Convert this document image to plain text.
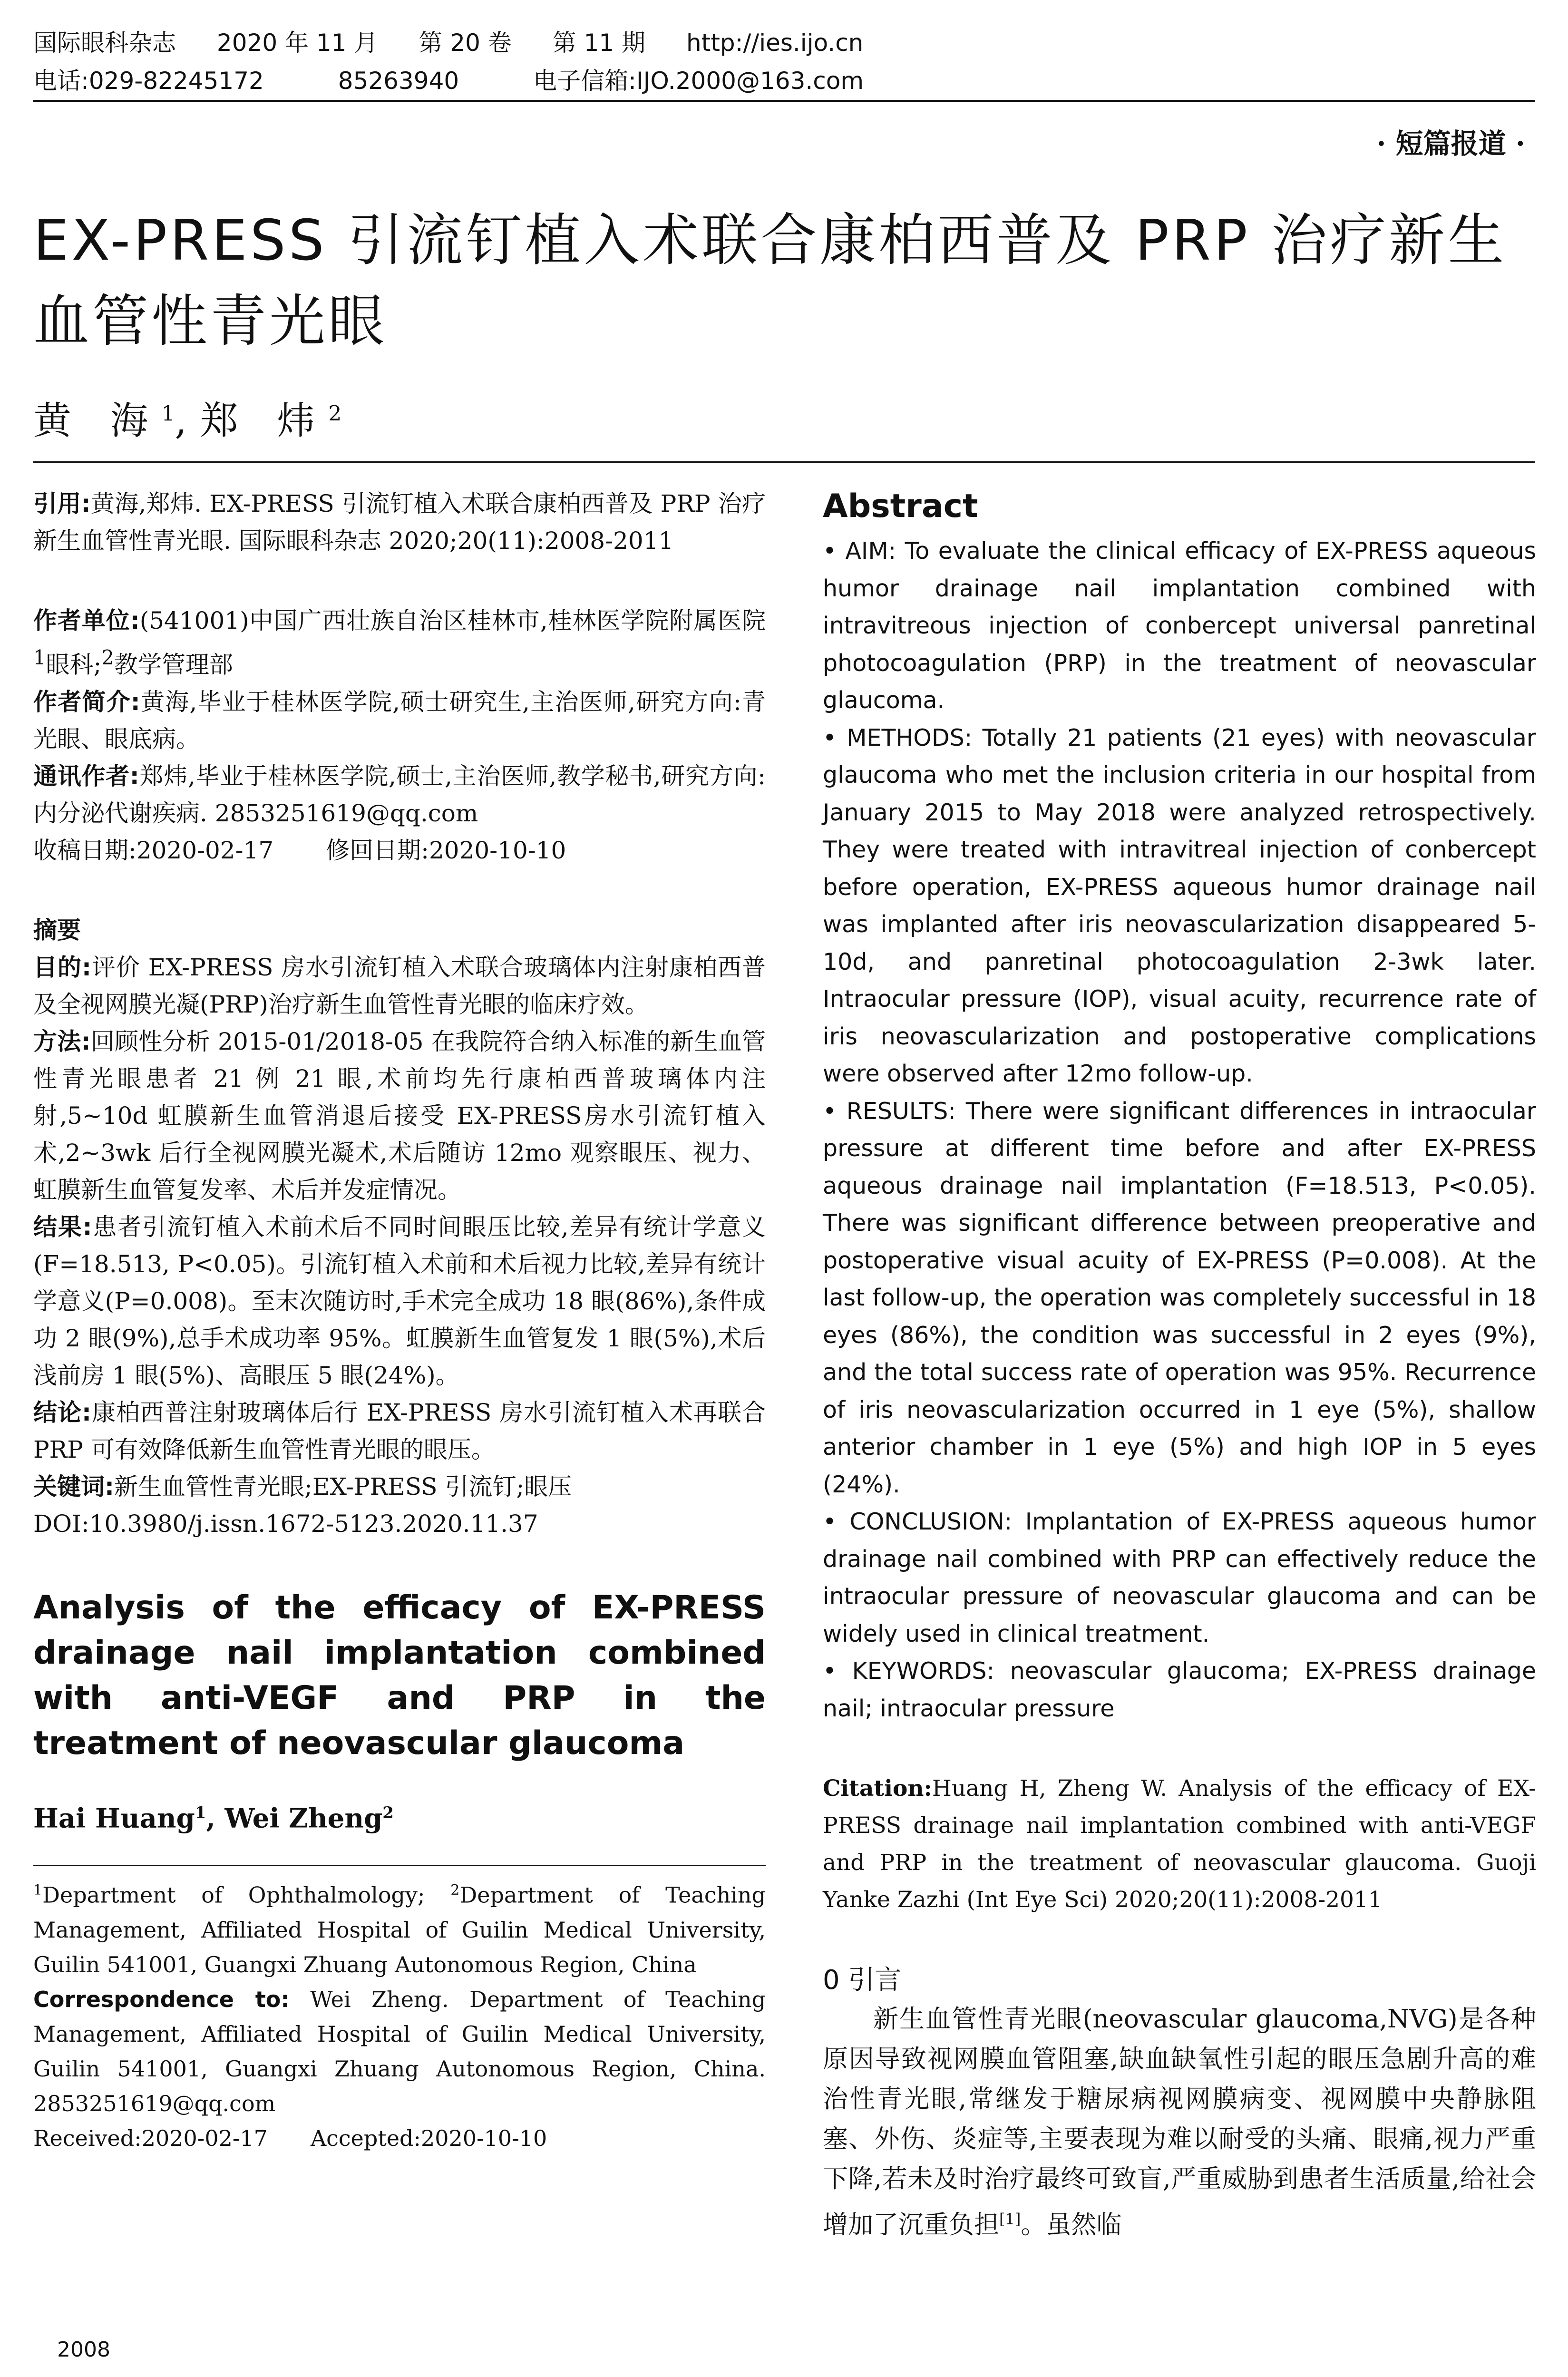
国际眼科杂志 2020 年 11 月 第 20 卷 第 11 期 http://ies.ijo.cn
电话:029-82245172	85263940	电子信箱:IJO.2000@163.com
· 短篇报道 ·
EX-PRESS 引流钉植入术联合康柏西普及 PRP 治疗新生血管性青光眼
黄 海$^1$,郑 炜$^2$

引用:黄海,郑炜. EX-PRESS 引流钉植入术联合康柏西普及 PRP 治疗新生血管性青光眼. 国际眼科杂志 2020;20(11):2008-2011

作者单位:(541001)中国广西壮族自治区桂林市,桂林医学院附属医院$^1$眼科;$^2$教学管理部

作者简介:黄海,毕业于桂林医学院,硕士研究生,主治医师,研究方向:青光眼、眼底病。

通讯作者:郑炜,毕业于桂林医学院,硕士,主治医师,教学秘书,研究方向:内分泌代谢疾病. 2853251619@qq.com

收稿日期:2020-02-17 修回日期:2020-10-10

摘要

目的:评价 EX-PRESS 房水引流钉植入术联合玻璃体内注射康柏西普及全视网膜光凝(PRP)治疗新生血管性青光眼的临床疗效。

方法:回顾性分析 2015-01/2018-05 在我院符合纳入标准的新生血管性青光眼患者 21 例 21 眼,术前均先行康柏西普玻璃体内注射,5~10d 虹膜新生血管消退后接受 EX-PRESS房水引流钉植入术,2~3wk 后行全视网膜光凝术,术后随访 12mo 观察眼压、视力、虹膜新生血管复发率、术后并发症情况。

结果:患者引流钉植入术前术后不同时间眼压比较,差异有统计学意义(F=18.513, P<0.05)。引流钉植入术前和术后视力比较,差异有统计学意义(P=0.008)。至末次随访时,手术完全成功 18 眼(86%),条件成功 2 眼(9%),总手术成功率 95%。虹膜新生血管复发 1 眼(5%),术后浅前房 1 眼(5%)、高眼压 5 眼(24%)。

结论:康柏西普注射玻璃体后行 EX-PRESS 房水引流钉植入术再联合 PRP 可有效降低新生血管性青光眼的眼压。

关键词:新生血管性青光眼;EX-PRESS 引流钉;眼压

DOI:10.3980/j.issn.1672-5123.2020.11.37

Analysis of the efficacy of EX-PRESS drainage nail implantation combined with anti-VEGF and PRP in the treatment of neovascular glaucoma
Hai Huang$^1$, Wei Zheng$^2$

$^1$Department of Ophthalmology; $^2$Department of Teaching Management, Affiliated Hospital of Guilin Medical University, Guilin 541001, Guangxi Zhuang Autonomous Region, China

Correspondence to: Wei Zheng. Department of Teaching Management, Affiliated Hospital of Guilin Medical University, Guilin 541001, Guangxi Zhuang Autonomous Region, China. 2853251619@qq.com

Received:2020-02-17 Accepted:2020-10-10

Abstract

• AIM: To evaluate the clinical efficacy of EX-PRESS aqueous humor drainage nail implantation combined with intravitreous injection of conbercept universal panretinal photocoagulation (PRP) in the treatment of neovascular glaucoma.

• METHODS: Totally 21 patients (21 eyes) with neovascular glaucoma who met the inclusion criteria in our hospital from January 2015 to May 2018 were analyzed retrospectively. They were treated with intravitreal injection of conbercept before operation, EX-PRESS aqueous humor drainage nail was implanted after iris neovascularization disappeared 5-10d, and panretinal photocoagulation 2-3wk later. Intraocular pressure (IOP), visual acuity, recurrence rate of iris neovascularization and postoperative complications were observed after 12mo follow-up.

• RESULTS: There were significant differences in intraocular pressure at different time before and after EX-PRESS aqueous drainage nail implantation (F=18.513, P<0.05). There was significant difference between preoperative and postoperative visual acuity of EX-PRESS (P=0.008). At the last follow-up, the operation was completely successful in 18 eyes (86%), the condition was successful in 2 eyes (9%), and the total success rate of operation was 95%. Recurrence of iris neovascularization occurred in 1 eye (5%), shallow anterior chamber in 1 eye (5%) and high IOP in 5 eyes (24%).

• CONCLUSION: Implantation of EX-PRESS aqueous humor drainage nail combined with PRP can effectively reduce the intraocular pressure of neovascular glaucoma and can be widely used in clinical treatment.

• KEYWORDS: neovascular glaucoma; EX-PRESS drainage nail; intraocular pressure

Citation:Huang H, Zheng W. Analysis of the efficacy of EX-PRESS drainage nail implantation combined with anti-VEGF and PRP in the treatment of neovascular glaucoma. Guoji Yanke Zazhi (Int Eye Sci) 2020;20(11):2008-2011

0 引言

新生血管性青光眼(neovascular glaucoma,NVG)是各种原因导致视网膜血管阻塞,缺血缺氧性引起的眼压急剧升高的难治性青光眼,常继发于糖尿病视网膜病变、视网膜中央静脉阻塞、外伤、炎症等,主要表现为难以耐受的头痛、眼痛,视力严重下降,若未及时治疗最终可致盲,严重威胁到患者生活质量,给社会增加了沉重负担[1]。虽然临

2008
